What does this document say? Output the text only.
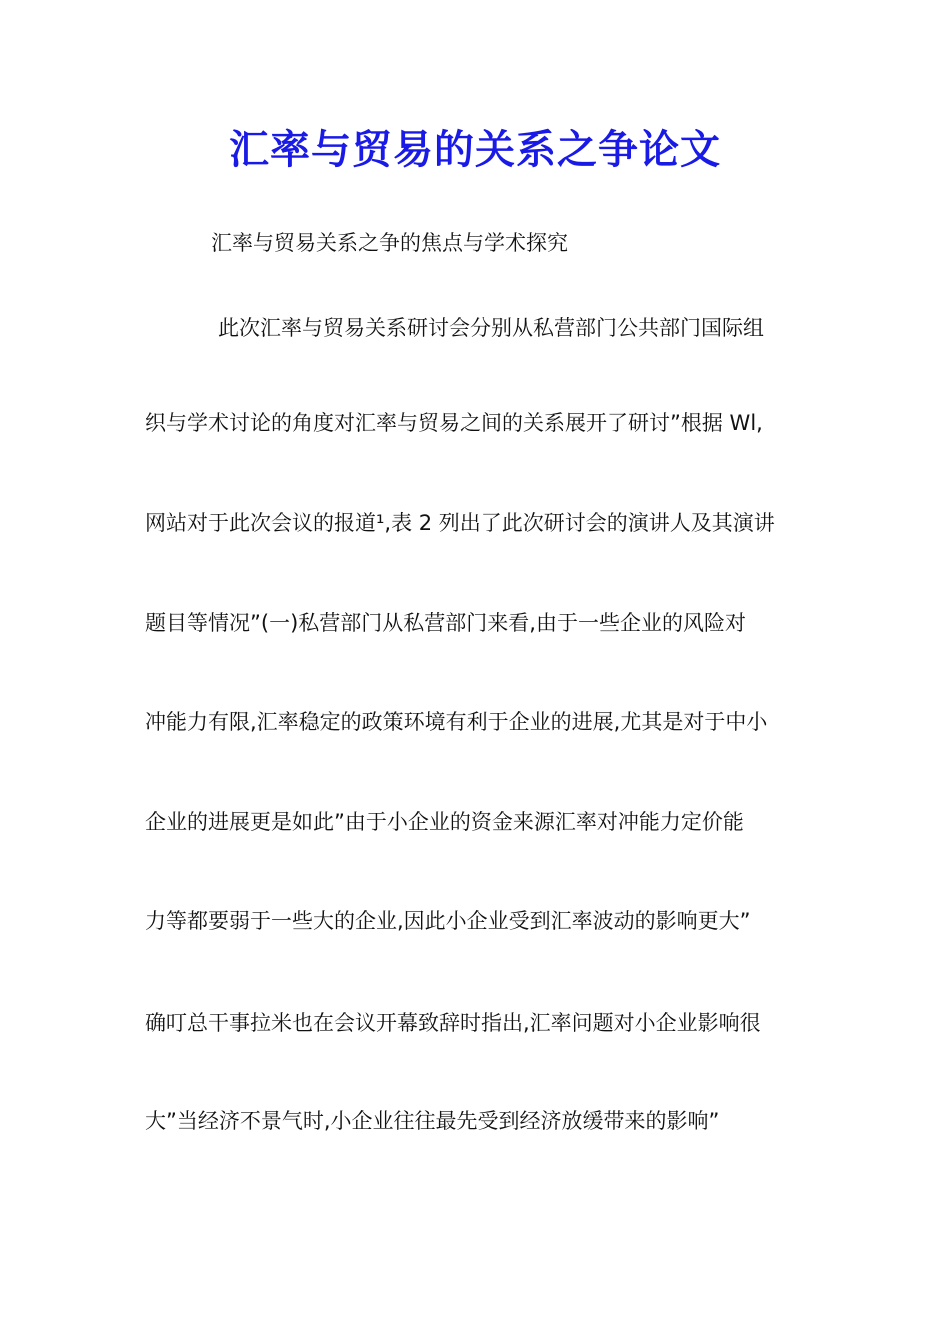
汇率与贸易的关系之争论文
汇率与贸易关系之争的焦点与学术探究
此次汇率与贸易关系研讨会分别从私营部门公共部门国际组
织与学术讨论的角度对汇率与贸易之间的关系展开了研讨”根据 Wl,
网站对于此次会议的报道¹,表 2 列出了此次研讨会的演讲人及其演讲
题目等情况”(一)私营部门从私营部门来看,由于一些企业的风险对
冲能力有限,汇率稳定的政策环境有利于企业的进展,尤其是对于中小
企业的进展更是如此”由于小企业的资金来源汇率对冲能力定价能
力等都要弱于一些大的企业,因此小企业受到汇率波动的影响更大”
确叮总干事拉米也在会议开幕致辞时指出,汇率问题对小企业影响很
大”当经济不景气时,小企业往往最先受到经济放缓带来的影响”
